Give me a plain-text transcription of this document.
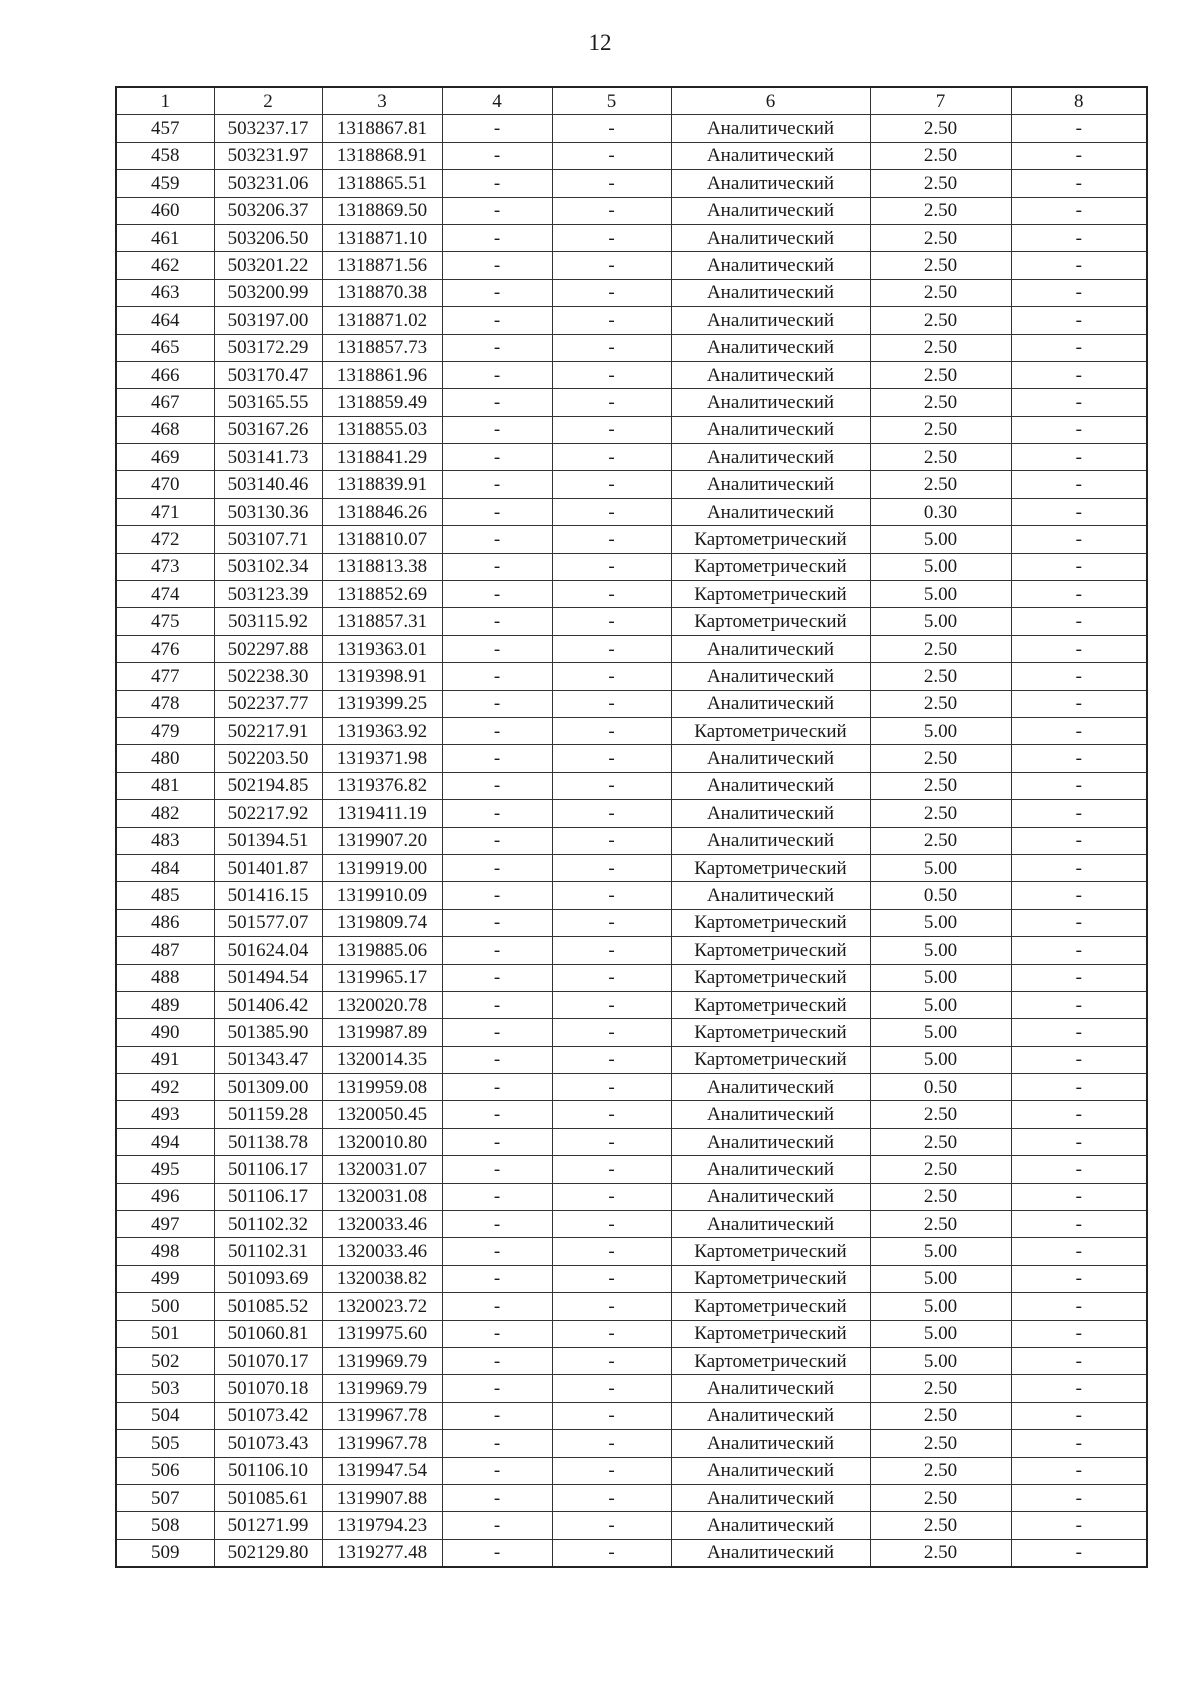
12
1	2	3	4	5	6	7	8
457	503237.17	1318867.81	-	-	Аналитический	2.50	-
458	503231.97	1318868.91	-	-	Аналитический	2.50	-
459	503231.06	1318865.51	-	-	Аналитический	2.50	-
460	503206.37	1318869.50	-	-	Аналитический	2.50	-
461	503206.50	1318871.10	-	-	Аналитический	2.50	-
462	503201.22	1318871.56	-	-	Аналитический	2.50	-
463	503200.99	1318870.38	-	-	Аналитический	2.50	-
464	503197.00	1318871.02	-	-	Аналитический	2.50	-
465	503172.29	1318857.73	-	-	Аналитический	2.50	-
466	503170.47	1318861.96	-	-	Аналитический	2.50	-
467	503165.55	1318859.49	-	-	Аналитический	2.50	-
468	503167.26	1318855.03	-	-	Аналитический	2.50	-
469	503141.73	1318841.29	-	-	Аналитический	2.50	-
470	503140.46	1318839.91	-	-	Аналитический	2.50	-
471	503130.36	1318846.26	-	-	Аналитический	0.30	-
472	503107.71	1318810.07	-	-	Картометрический	5.00	-
473	503102.34	1318813.38	-	-	Картометрический	5.00	-
474	503123.39	1318852.69	-	-	Картометрический	5.00	-
475	503115.92	1318857.31	-	-	Картометрический	5.00	-
476	502297.88	1319363.01	-	-	Аналитический	2.50	-
477	502238.30	1319398.91	-	-	Аналитический	2.50	-
478	502237.77	1319399.25	-	-	Аналитический	2.50	-
479	502217.91	1319363.92	-	-	Картометрический	5.00	-
480	502203.50	1319371.98	-	-	Аналитический	2.50	-
481	502194.85	1319376.82	-	-	Аналитический	2.50	-
482	502217.92	1319411.19	-	-	Аналитический	2.50	-
483	501394.51	1319907.20	-	-	Аналитический	2.50	-
484	501401.87	1319919.00	-	-	Картометрический	5.00	-
485	501416.15	1319910.09	-	-	Аналитический	0.50	-
486	501577.07	1319809.74	-	-	Картометрический	5.00	-
487	501624.04	1319885.06	-	-	Картометрический	5.00	-
488	501494.54	1319965.17	-	-	Картометрический	5.00	-
489	501406.42	1320020.78	-	-	Картометрический	5.00	-
490	501385.90	1319987.89	-	-	Картометрический	5.00	-
491	501343.47	1320014.35	-	-	Картометрический	5.00	-
492	501309.00	1319959.08	-	-	Аналитический	0.50	-
493	501159.28	1320050.45	-	-	Аналитический	2.50	-
494	501138.78	1320010.80	-	-	Аналитический	2.50	-
495	501106.17	1320031.07	-	-	Аналитический	2.50	-
496	501106.17	1320031.08	-	-	Аналитический	2.50	-
497	501102.32	1320033.46	-	-	Аналитический	2.50	-
498	501102.31	1320033.46	-	-	Картометрический	5.00	-
499	501093.69	1320038.82	-	-	Картометрический	5.00	-
500	501085.52	1320023.72	-	-	Картометрический	5.00	-
501	501060.81	1319975.60	-	-	Картометрический	5.00	-
502	501070.17	1319969.79	-	-	Картометрический	5.00	-
503	501070.18	1319969.79	-	-	Аналитический	2.50	-
504	501073.42	1319967.78	-	-	Аналитический	2.50	-
505	501073.43	1319967.78	-	-	Аналитический	2.50	-
506	501106.10	1319947.54	-	-	Аналитический	2.50	-
507	501085.61	1319907.88	-	-	Аналитический	2.50	-
508	501271.99	1319794.23	-	-	Аналитический	2.50	-
509	502129.80	1319277.48	-	-	Аналитический	2.50	-
